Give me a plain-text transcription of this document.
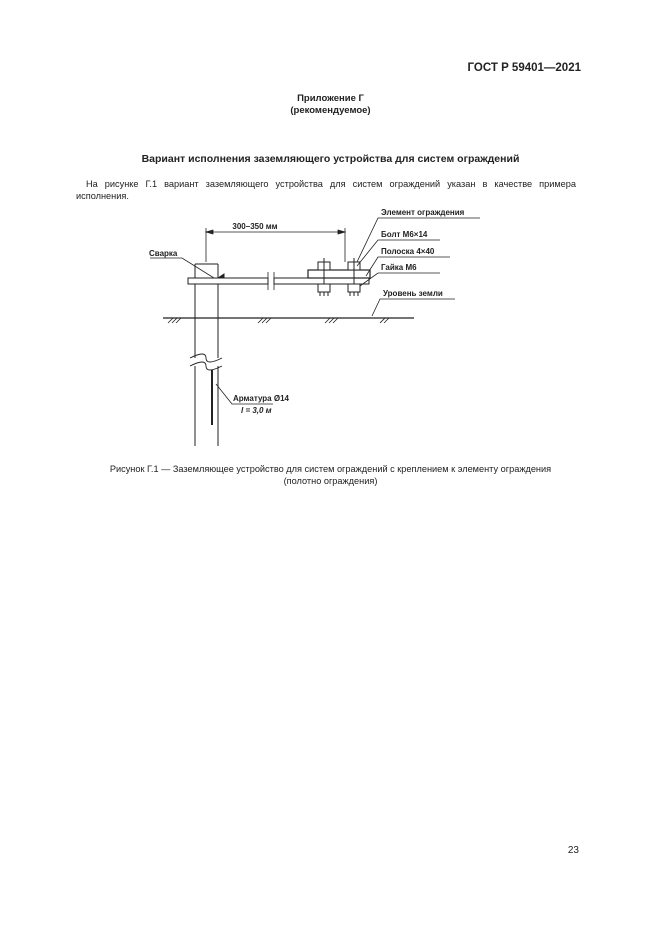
ГОСТ Р 59401—2021
Приложение Г
(рекомендуемое)
Вариант исполнения заземляющего устройства для систем ограждений

На рисунке Г.1 вариант заземляющего устройства для систем ограждений указан в качестве примера исполнения.

300–350 мм
Сварка
Элемент ограждения
Болт М6×14
Полоска 4×40
Гайка М6
Уровень земли
Арматура Ø14
l = 3,0 м
Рисунок Г.1 — Заземляющее устройство для систем ограждений с креплением к элементу ограждения
(полотно ограждения)
23
